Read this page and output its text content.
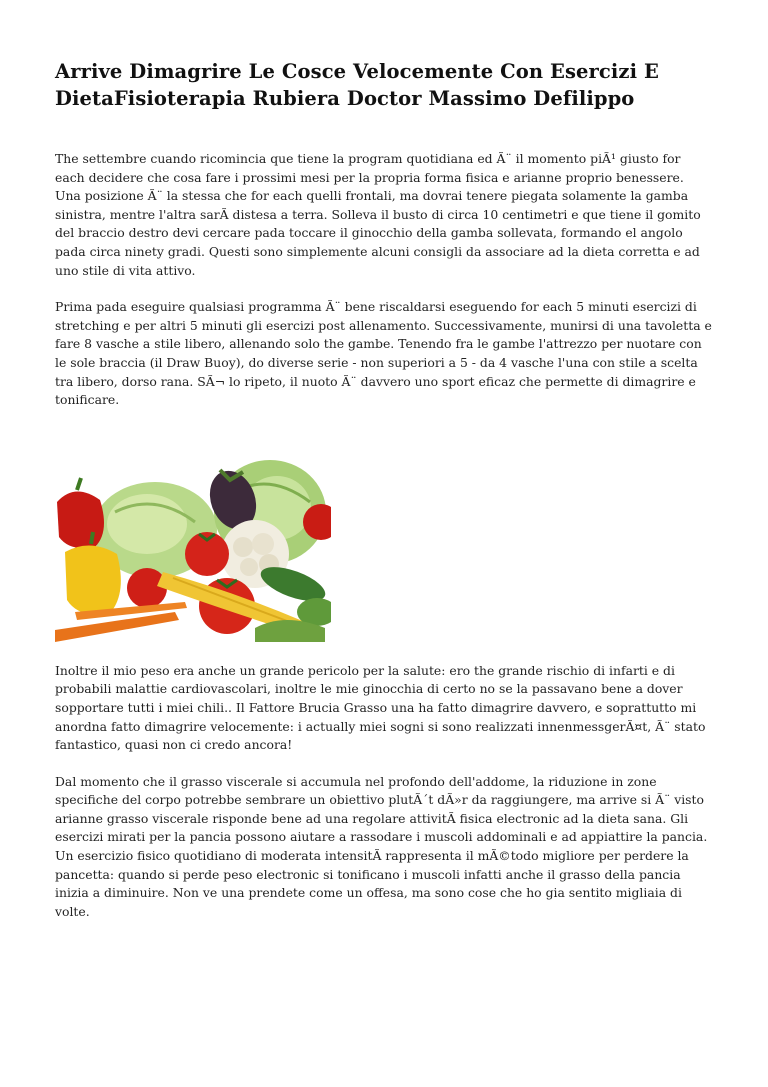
Arrive Dimagrire Le Cosce Velocemente Con Esercizi E DietaFisioterapia Rubiera Doctor Massimo Defilippo

The settembre cuando ricomincia que tiene la program quotidiana ed Ã¨ il momento piÃ¹ giusto for each decidere che cosa fare i prossimi mesi per la propria forma fisica e arianne proprio benessere. Una posizione Ã¨ la stessa che for each quelli frontali, ma dovrai tenere piegata solamente la gamba sinistra, mentre l'altra sarÃ distesa a terra. Solleva il busto di circa 10 centimetri e que tiene il gomito del braccio destro devi cercare pada toccare il ginocchio della gamba sollevata, formando el angolo pada circa ninety gradi. Questi sono simplemente alcuni consigli da associare ad la dieta corretta e ad uno stile di vita attivo.

Prima pada eseguire qualsiasi programma Ã¨ bene riscaldarsi eseguendo for each 5 minuti esercizi di stretching e per altri 5 minuti gli esercizi post allenamento. Successivamente, munirsi di una tavoletta e fare 8 vasche a stile libero, allenando solo the gambe. Tenendo fra le gambe l'attrezzo per nuotare con le sole braccia (il Draw Buoy), do diverse serie - non superiori a 5 - da 4 vasche l'una con stile a scelta tra libero, dorso rana. SÃ¬ lo ripeto, il nuoto Ã¨ davvero uno sport eficaz che permette di dimagrire e tonificare.

Inoltre il mio peso era anche un grande pericolo per la salute: ero the grande rischio di infarti e di probabili malattie cardiovascolari, inoltre le mie ginocchia di certo no se la passavano bene a dover sopportare tutti i miei chili.. Il Fattore Brucia Grasso una ha fatto dimagrire davvero, e soprattutto mi anordna fatto dimagrire velocemente: i actually miei sogni si sono realizzati innenmessgerÃ¤t, Ã¨ stato fantastico, quasi non ci credo ancora!

Dal momento che il grasso viscerale si accumula nel profondo dell'addome, la riduzione in zone specifiche del corpo potrebbe sembrare un obiettivo plutÃ´t dÃ»r da raggiungere, ma arrive si Ã¨ visto arianne grasso viscerale risponde bene ad una regolare attivitÃ fisica electronic ad la dieta sana. Gli esercizi mirati per la pancia possono aiutare a rassodare i muscoli addominali e ad appiattire la pancia. Un esercizio fisico quotidiano di moderata intensitÃ rappresenta il mÃ©todo migliore per perdere la pancetta: quando si perde peso electronic si tonificano i muscoli infatti anche il grasso della pancia inizia a diminuire. Non ve una prendete come un offesa, ma sono cose che ho gia sentito migliaia di volte.
